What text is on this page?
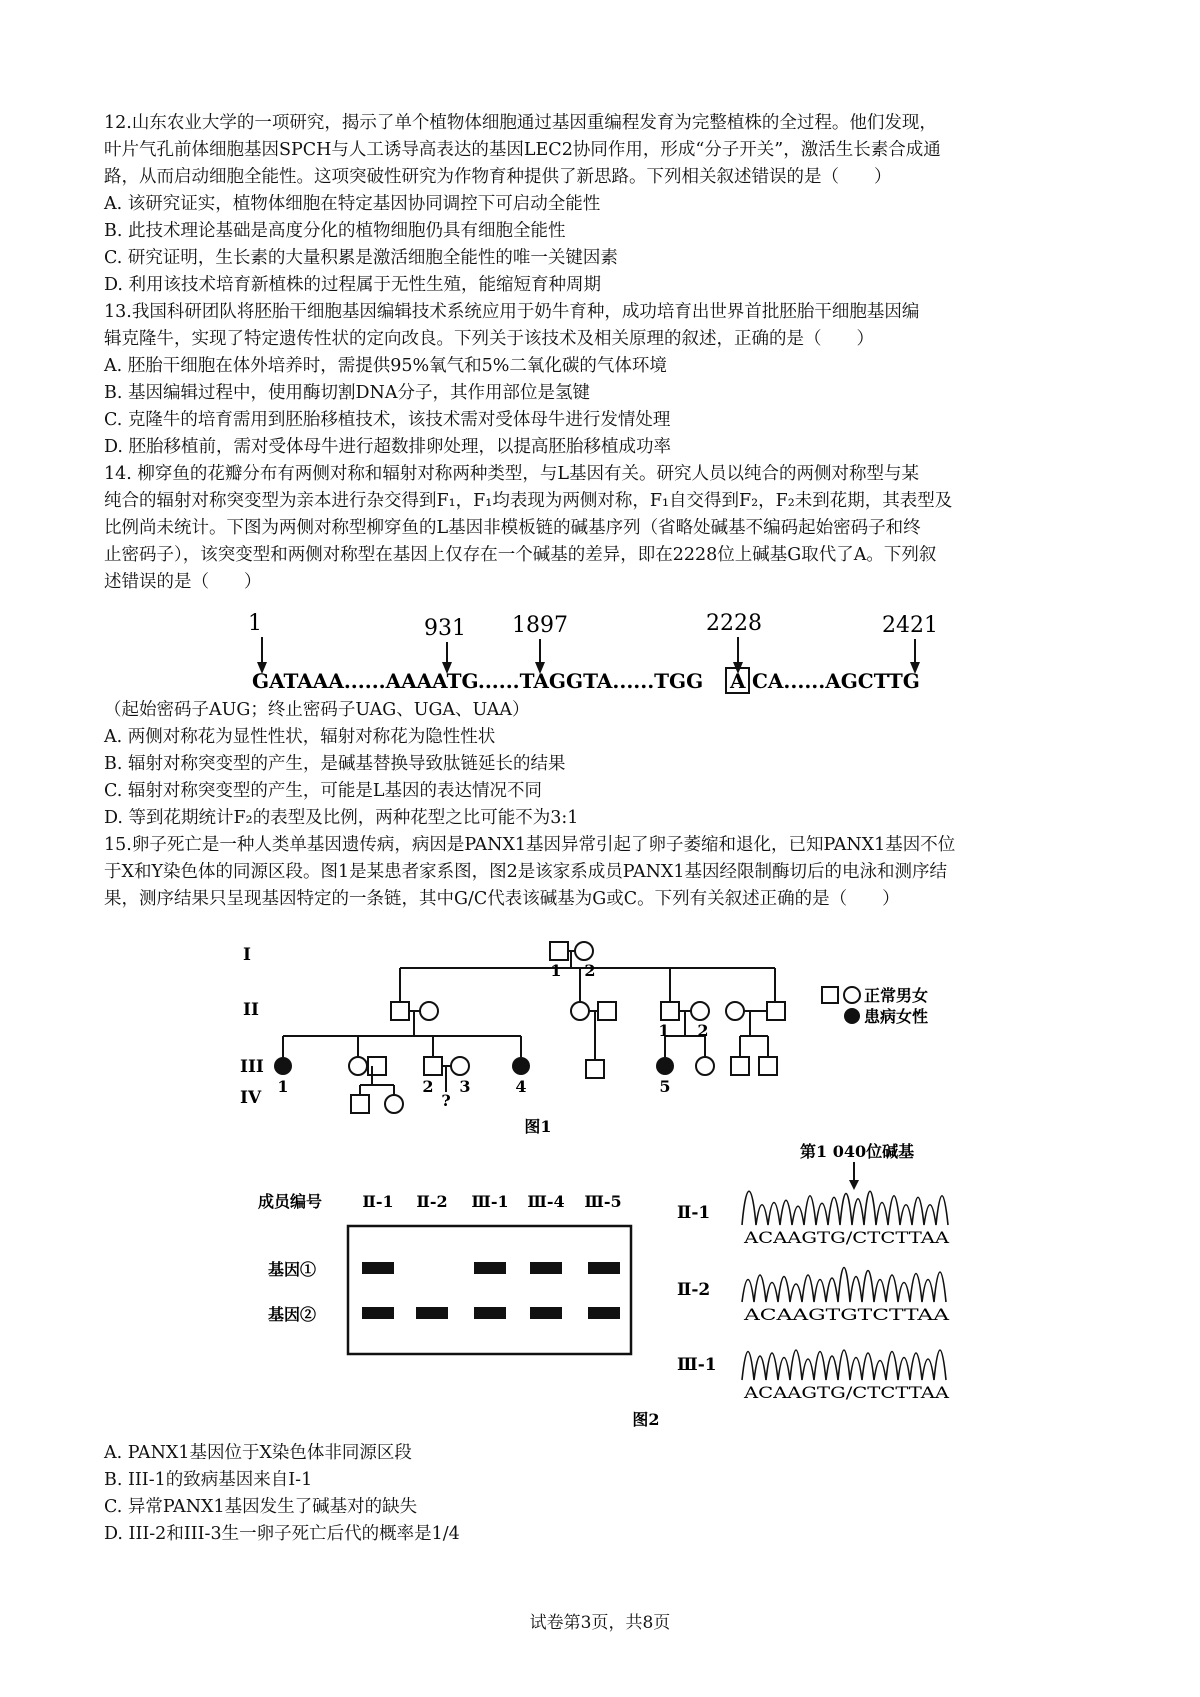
12.山东农业大学的一项研究，揭示了单个植物体细胞通过基因重编程发育为完整植株的全过程。他们发现，
叶片气孔前体细胞基因SPCH与人工诱导高表达的基因LEC2协同作用，形成“分子开关”，激活生长素合成通
路，从而启动细胞全能性。这项突破性研究为作物育种提供了新思路。下列相关叙述错误的是（　　）
A. 该研究证实，植物体细胞在特定基因协同调控下可启动全能性
B. 此技术理论基础是高度分化的植物细胞仍具有细胞全能性
C. 研究证明，生长素的大量积累是激活细胞全能性的唯一关键因素
D. 利用该技术培育新植株的过程属于无性生殖，能缩短育种周期
13.我国科研团队将胚胎干细胞基因编辑技术系统应用于奶牛育种，成功培育出世界首批胚胎干细胞基因编
辑克隆牛，实现了特定遗传性状的定向改良。下列关于该技术及相关原理的叙述，正确的是（　　）
A. 胚胎干细胞在体外培养时，需提供95%氧气和5%二氧化碳的气体环境
B. 基因编辑过程中，使用酶切割DNA分子，其作用部位是氢键
C. 克隆牛的培育需用到胚胎移植技术，该技术需对受体母牛进行发情处理
D. 胚胎移植前，需对受体母牛进行超数排卵处理，以提高胚胎移植成功率
14. 柳穿鱼的花瓣分布有两侧对称和辐射对称两种类型，与L基因有关。研究人员以纯合的两侧对称型与某
纯合的辐射对称突变型为亲本进行杂交得到F₁，F₁均表现为两侧对称，F₁自交得到F₂，F₂未到花期，其表型及
比例尚未统计。下图为两侧对称型柳穿鱼的L基因非模板链的碱基序列（省略处碱基不编码起始密码子和终
止密码子），该突变型和两侧对称型在基因上仅存在一个碱基的差异，即在2228位上碱基G取代了A。下列叙
述错误的是（　　）
1	931 1897	2228	2421
GATAAA......AAAATG......TAGGTA......TGG A CA......AGCTTG
（起始密码子AUG；终止密码子UAG、UGA、UAA）
A. 两侧对称花为显性性状，辐射对称花为隐性性状
B. 辐射对称突变型的产生，是碱基替换导致肽链延长的结果
C. 辐射对称突变型的产生，可能是L基因的表达情况不同
D. 等到花期统计F₂的表型及比例，两种花型之比可能不为3:1
15.卵子死亡是一种人类单基因遗传病，病因是PANX1基因异常引起了卵子萎缩和退化，已知PANX1基因不位
于X和Y染色体的同源区段。图1是某患者家系图，图2是该家系成员PANX1基因经限制酶切后的电泳和测序结
果，测序结果只呈现基因特定的一条链，其中G/C代表该碱基为G或C。下列有关叙述正确的是（　　）
I
II
III
IV
1 2
1 2
1	2 3	4	5
?
正常男女
患病女性
图1
成员编号	Ⅱ-1 Ⅱ-2 Ⅲ-1 Ⅲ-4 Ⅲ-5
基因①
基因②
第1 040位碱基
Ⅱ-1
Ⅱ-2
Ⅲ-1
ACAAGTG/CTCTTAA
ACAAGTGTCTTAA
ACAAGTG/CTCTTAA
图2
A. PANX1基因位于X染色体非同源区段
B. III-1的致病基因来自Ⅰ-1
C. 异常PANX1基因发生了碱基对的缺失
D. III-2和III-3生一卵子死亡后代的概率是1/4
试卷第3页，共8页
